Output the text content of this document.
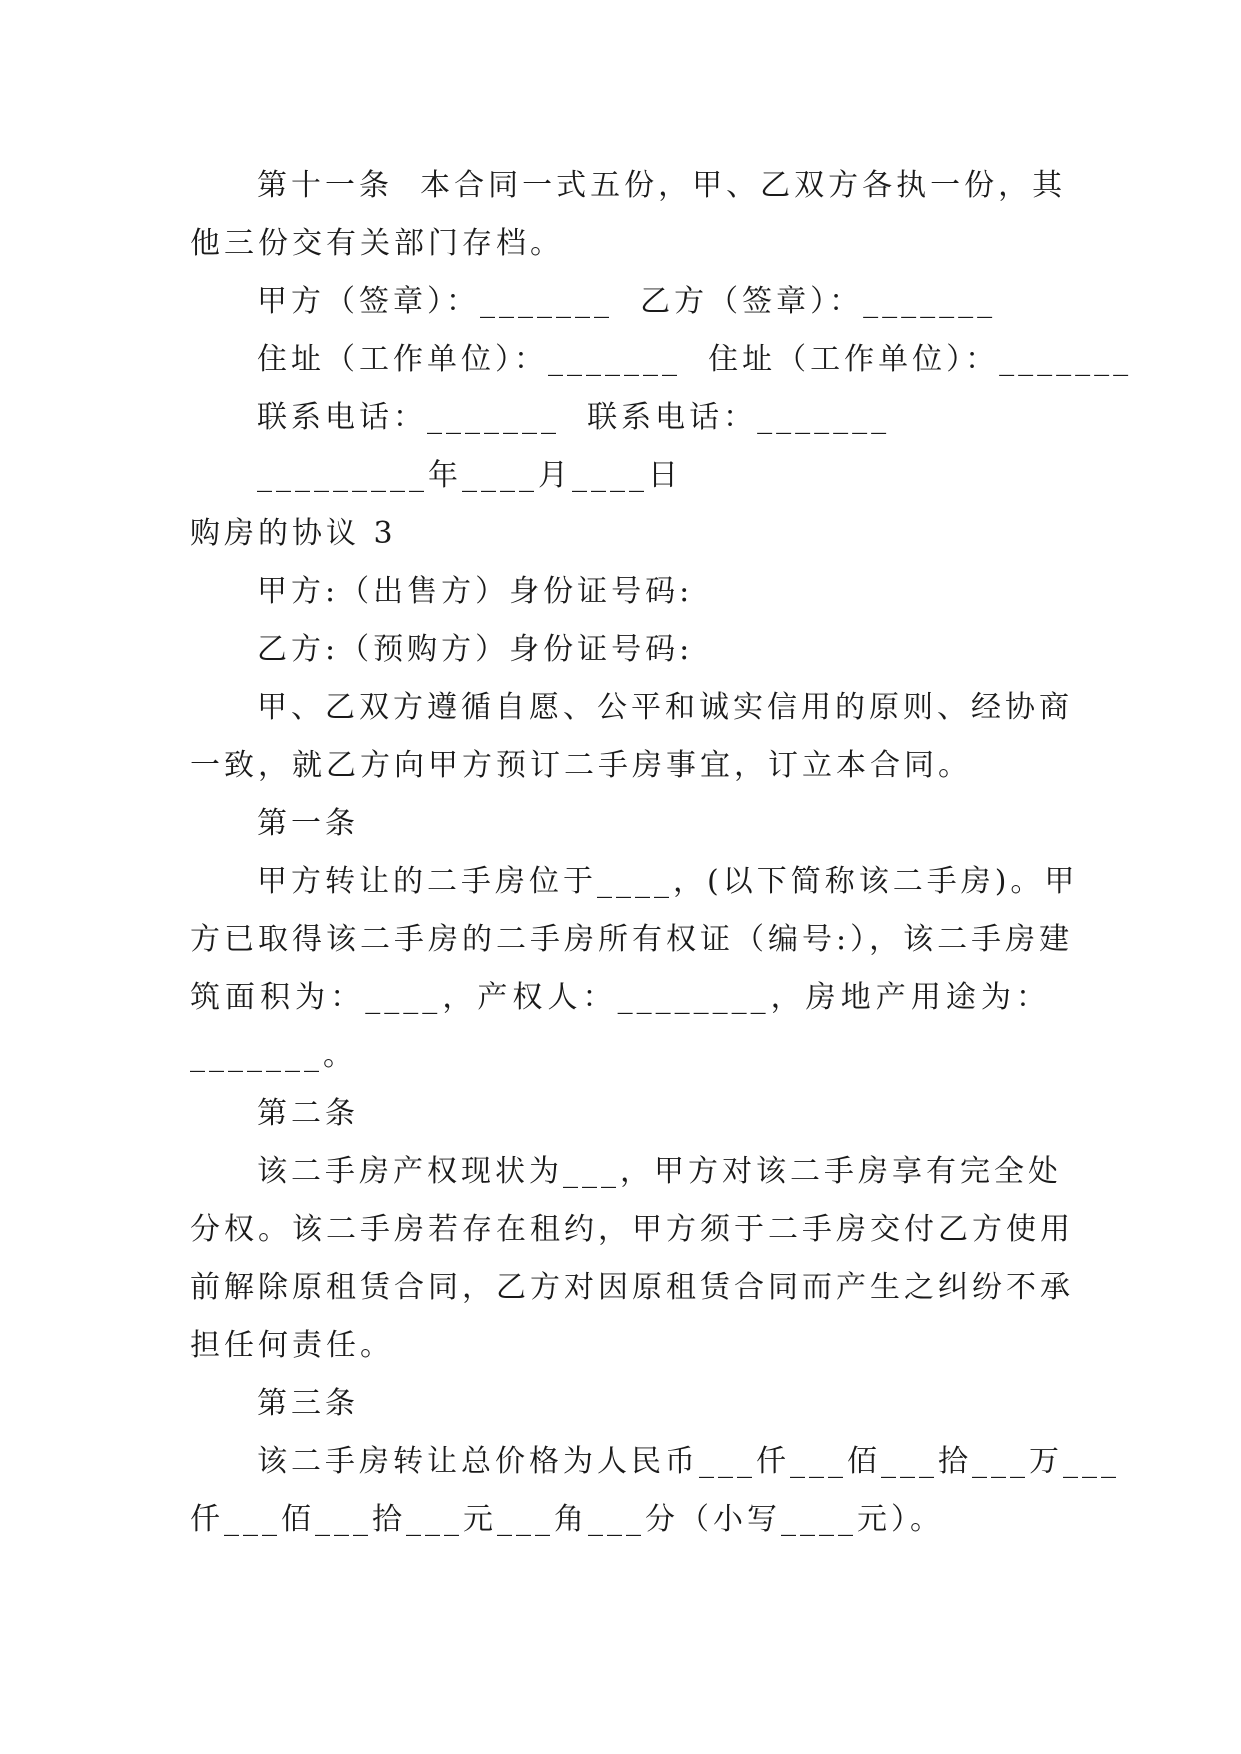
第十一条  本合同一式五份，甲、乙双方各执一份，其
他三份交有关部门存档。
甲方（签章）：_______  乙方（签章）：_______
住址（工作单位）：_______  住址（工作单位）：_______
联系电话：_______  联系电话：_______
_________年____月____日
购房的协议 3
甲方:（出售方）身份证号码:
乙方:（预购方）身份证号码:
甲、乙双方遵循自愿、公平和诚实信用的原则、经协商
一致，就乙方向甲方预订二手房事宜，订立本合同。
第一条
甲方转让的二手房位于____，(以下简称该二手房)。甲
方已取得该二手房的二手房所有权证（编号:），该二手房建
筑面积为：____，产权人：________，房地产用途为：
_______。
第二条
该二手房产权现状为___，甲方对该二手房享有完全处
分权。该二手房若存在租约，甲方须于二手房交付乙方使用
前解除原租赁合同，乙方对因原租赁合同而产生之纠纷不承
担任何责任。
第三条
该二手房转让总价格为人民币___仟___佰___拾___万___
仟___佰___拾___元___角___分（小写____元）。
